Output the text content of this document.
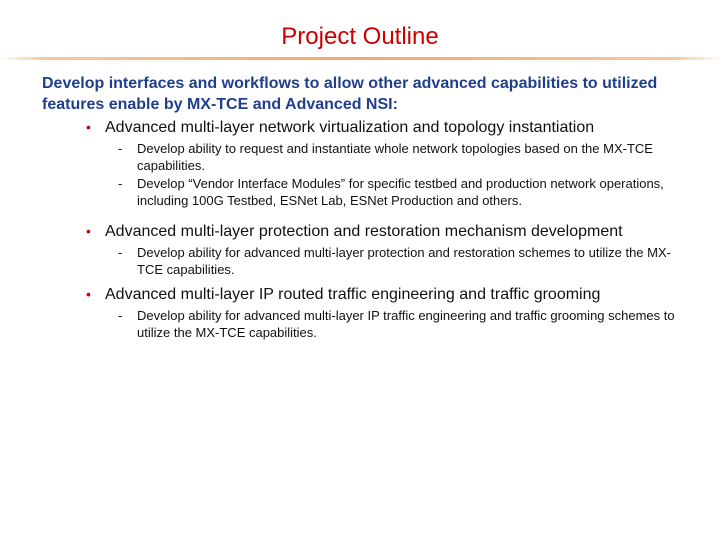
Project Outline

Develop interfaces and workflows to allow other advanced capabilities to utilized features enable by MX-TCE and Advanced NSI:

• Advanced multi-layer network virtualization and topology instantiation
- Develop ability to request and instantiate whole network topologies based on the MX-TCE capabilities.
- Develop “Vendor Interface Modules” for specific testbed and production network operations, including 100G Testbed, ESNet Lab, ESNet Production and others.
• Advanced multi-layer protection and restoration mechanism development
- Develop ability for advanced multi-layer protection and restoration schemes to utilize the MX-TCE capabilities.
• Advanced multi-layer IP routed traffic engineering and traffic grooming
- Develop ability for advanced multi-layer IP traffic engineering and traffic grooming schemes to utilize the MX-TCE capabilities.
